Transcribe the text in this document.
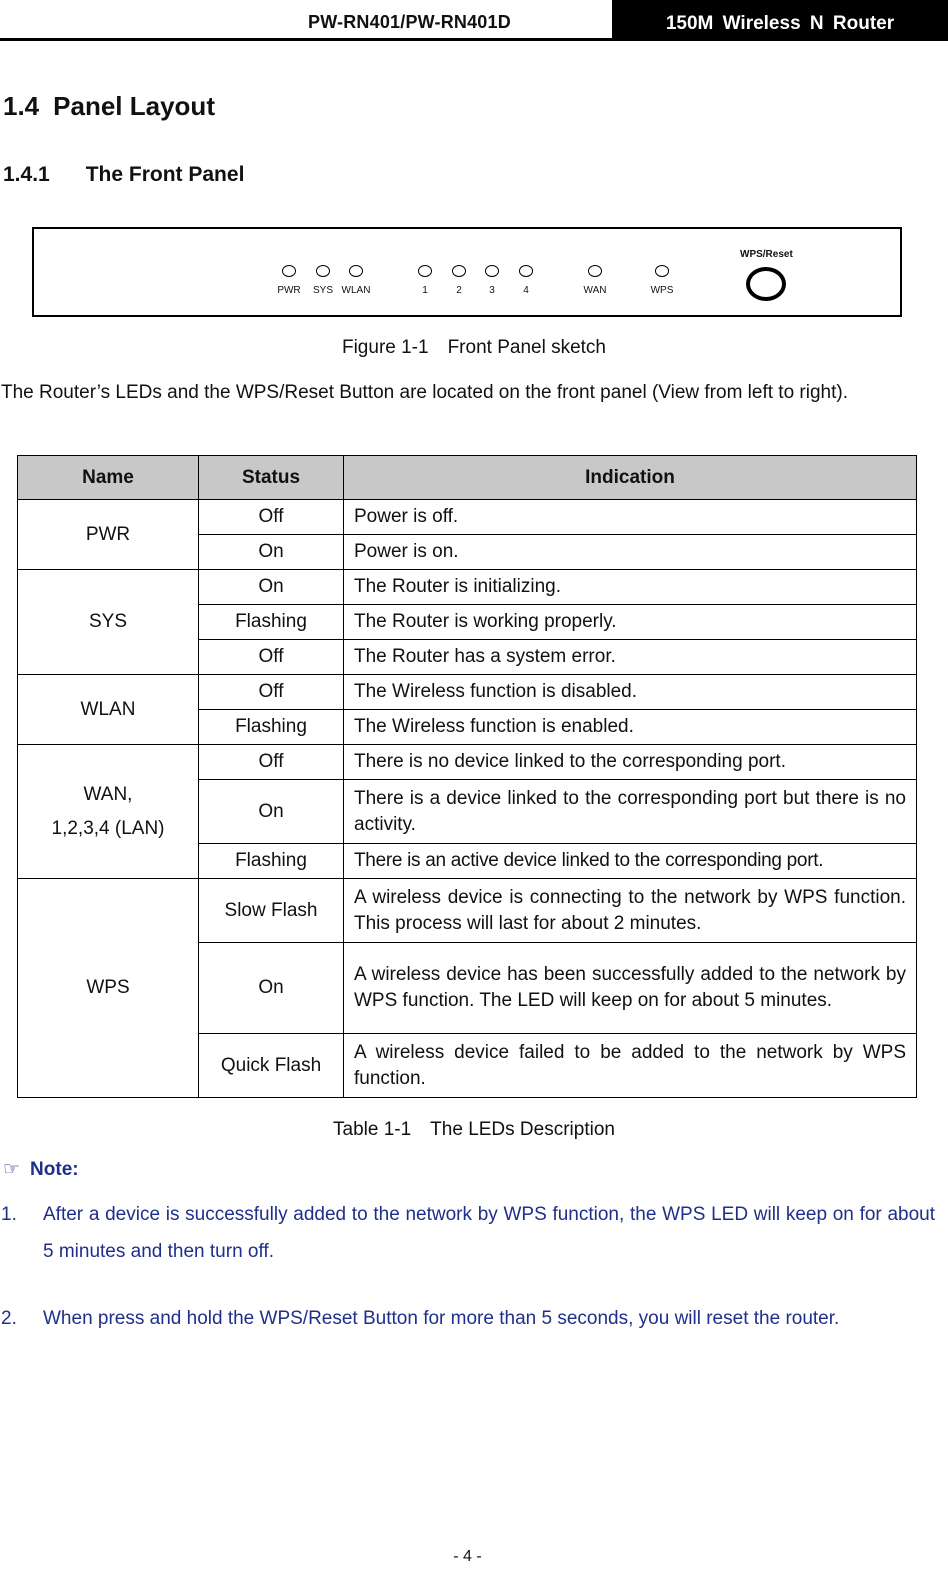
PW-RN401/PW-RN401D	150M Wireless N Router
1.4 Panel Layout
1.4.1 The Front Panel
PWR SYS WLAN	1	2	3	4	WAN	WPS
WPS/Reset
Figure 1-1　Front Panel sketch

The Router’s LEDs and the WPS/Reset Button are located on the front panel (View from left to right).

Name	Status	Indication
PWR	Off	Power is off.
	On	Power is on.
SYS	On	The Router is initializing.
	Flashing	The Router is working properly.
	Off	The Router has a system error.
WLAN	Off	The Wireless function is disabled.
	Flashing	The Wireless function is enabled.

WAN,
1,2,3,4 (LAN)	Off	There is no device linked to the corresponding port.
	On	There is a device linked to the corresponding port but there is no activity.
	Flashing	There is an active device linked to the corresponding port.
WPS	Slow Flash	A wireless device is connecting to the network by WPS function. This process will last for about 2 minutes.
	On	A wireless device has been successfully added to the network by WPS function. The LED will keep on for about 5 minutes.
	Quick Flash	A wireless device failed to be added to the network by WPS function.
Table 1-1　The LEDs Description
☞ Note:
1. After a device is successfully added to the network by WPS function, the WPS LED will keep on for about 5 minutes and then turn off.
2. When press and hold the WPS/Reset Button for more than 5 seconds, you will reset the router.
- 4 -
